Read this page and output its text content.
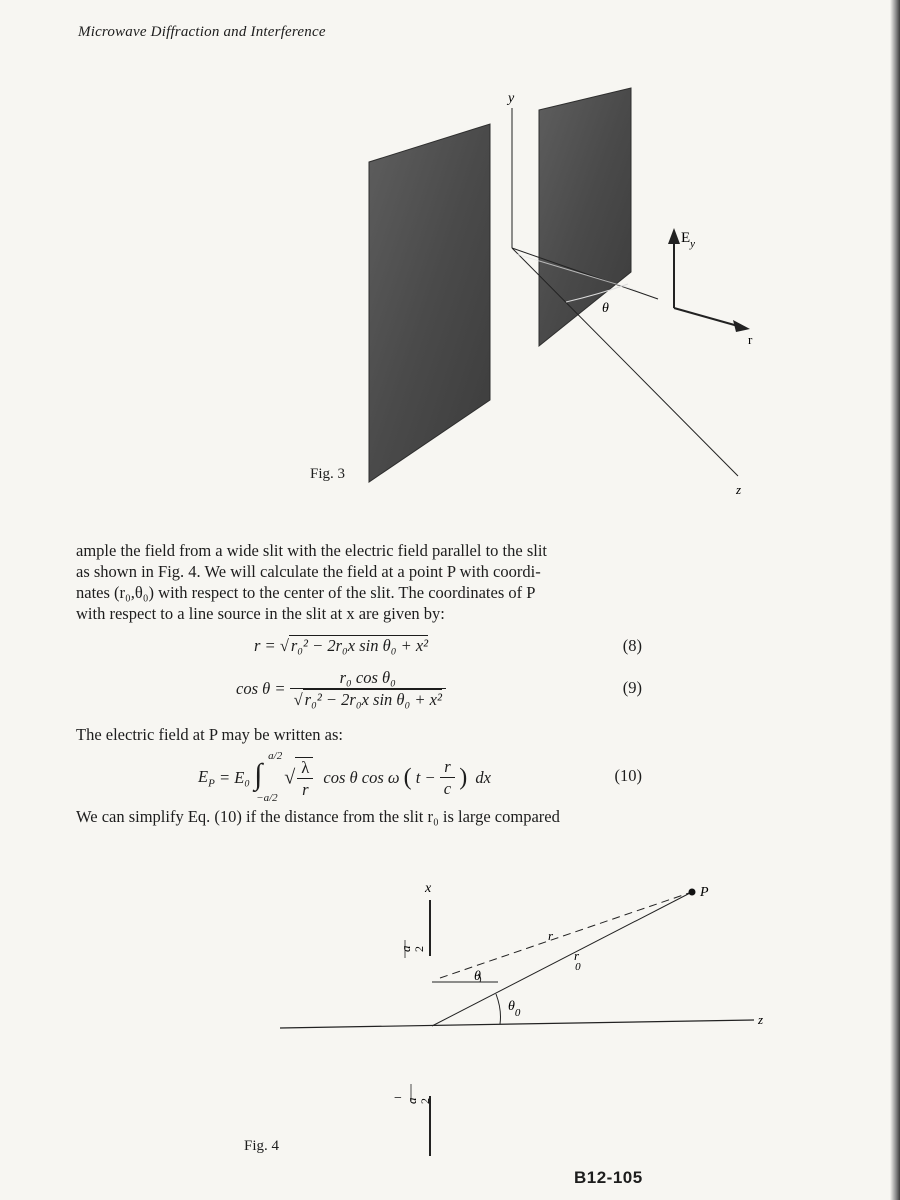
Microwave Diffraction and Interference
y
z
θ
$E_y$
r
Fig. 3
ample the field from a wide slit with the electric field parallel to the slit
as shown in Fig. 4. We will calculate the field at a point P with coordi-
nates (r₀,θ₀) with respect to the center of the slit. The coordinates of P
with respect to a line source in the slit at x are given by:
r = √ r₀² − 2r₀x sin θ₀ + x²	(8)
$\cos \theta = \frac{\text{r₀ cos θ₀}}{\text{√ r₀² − 2r₀x sin θ₀ + x²}}$	(9)
The electric field at P may be written as:
$E_P = E_0$ ∫
a/2
−a/2
√ $\frac{\lambda}{r}$ cos θ cos ω ( $t - \frac{r}{c}$ ) dx	(10)
We can simplify Eq. (10) if the distance from the slit r₀ is large compared
x
z
P
r
r 0
θ
$\theta_0$
a 2
− a 2
Fig. 4
B12-105
